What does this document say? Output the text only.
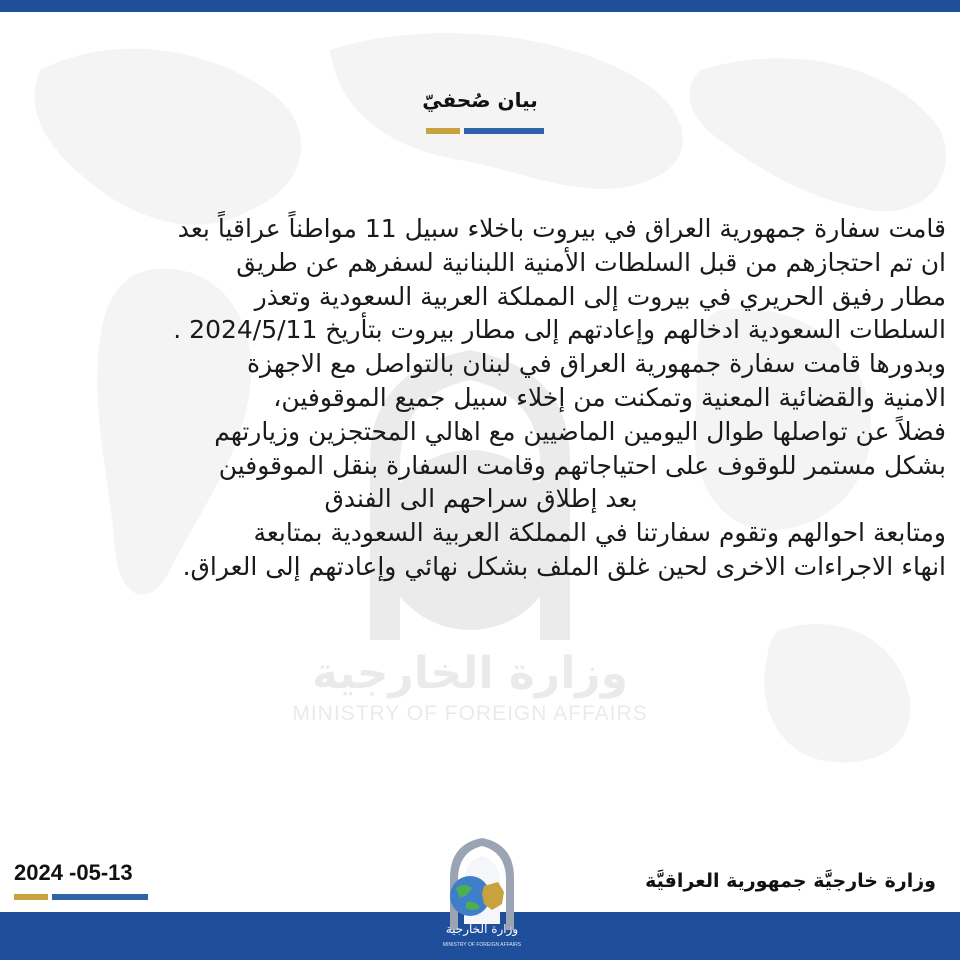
وزارة الخارجية
MINISTRY OF FOREIGN AFFAIRS
بيان صُحفيّ
قامت سفارة جمهورية العراق في بيروت باخلاء سبيل 11 مواطناً عراقياً بعد
ان تم احتجازهم من قبل السلطات الأمنية اللبنانية لسفرهم عن طريق
مطار رفيق الحريري في بيروت إلى المملكة العربية السعودية وتعذر
السلطات السعودية ادخالهم وإعادتهم إلى مطار بيروت بتأريخ 2024/5/11 .
وبدورها قامت سفارة جمهورية العراق في لبنان بالتواصل مع الاجهزة
الامنية والقضائية المعنية وتمكنت من إخلاء سبيل جميع الموقوفين،
فضلاً عن تواصلها طوال اليومين الماضيين مع اهالي المحتجزين وزيارتهم
بشكل مستمر للوقوف على احتياجاتهم وقامت السفارة بنقل الموقوفين
بعد إطلاق سراحهم الى الفندق
ومتابعة احوالهم وتقوم سفارتنا في المملكة العربية السعودية بمتابعة
انهاء الاجراءات الاخرى لحين غلق الملف بشكل نهائي وإعادتهم إلى العراق.
2024 -05-13	وزارة خارجيَّة جمهورية العراقيَّة
وزارة الخارجية
MINISTRY OF FOREIGN AFFAIRS
